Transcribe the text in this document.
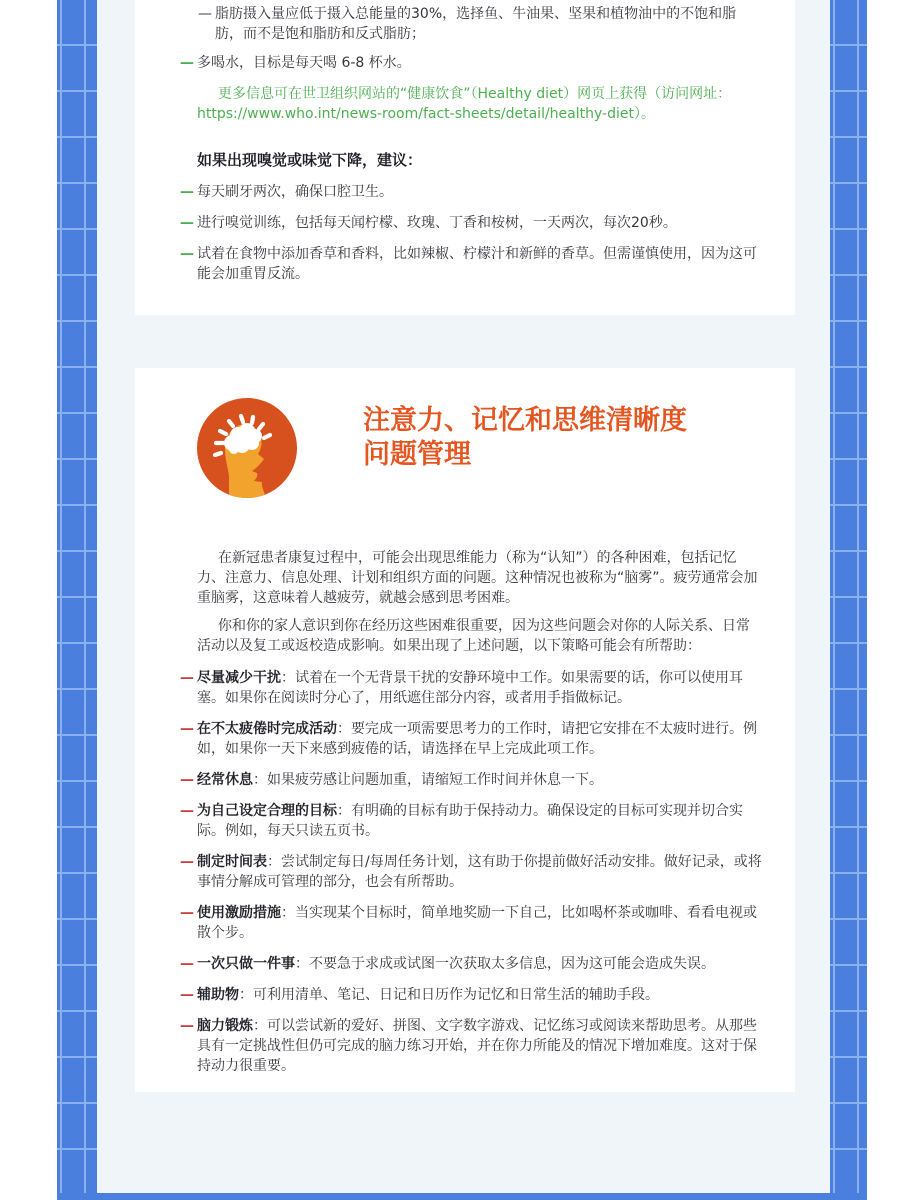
— 脂肪摄入量应低于摄入总能量的30%，选择鱼、牛油果、坚果和植物油中的不饱和脂肪，而不是饱和脂肪和反式脂肪；
— 多喝水，目标是每天喝 6-8 杯水。

更多信息可在世卫组织网站的“健康饮食”（Healthy diet）网页上获得（访问网址：https://www.who.int/news-room/fact-sheets/detail/healthy-diet）。

如果出现嗅觉或味觉下降，建议：
— 每天刷牙两次，确保口腔卫生。
— 进行嗅觉训练，包括每天闻柠檬、玫瑰、丁香和桉树，一天两次，每次20秒。
— 试着在食物中添加香草和香料，比如辣椒、柠檬汁和新鲜的香草。但需谨慎使用，因为这可能会加重胃反流。
注意力、记忆和思维清晰度
问题管理

在新冠患者康复过程中，可能会出现思维能力（称为“认知”）的各种困难，包括记忆力、注意力、信息处理、计划和组织方面的问题。这种情况也被称为“脑雾”。疲劳通常会加重脑雾，这意味着人越疲劳，就越会感到思考困难。

你和你的家人意识到你在经历这些困难很重要，因为这些问题会对你的人际关系、日常活动以及复工或返校造成影响。如果出现了上述问题，以下策略可能会有所帮助：

— 尽量减少干扰：试着在一个无背景干扰的安静环境中工作。如果需要的话，你可以使用耳塞。如果你在阅读时分心了，用纸遮住部分内容，或者用手指做标记。
— 在不太疲倦时完成活动：要完成一项需要思考力的工作时，请把它安排在不太疲时进行。例如，如果你一天下来感到疲倦的话，请选择在早上完成此项工作。
— 经常休息：如果疲劳感让问题加重，请缩短工作时间并休息一下。
— 为自己设定合理的目标：有明确的目标有助于保持动力。确保设定的目标可实现并切合实际。例如，每天只读五页书。
— 制定时间表：尝试制定每日/每周任务计划，这有助于你提前做好活动安排。做好记录，或将事情分解成可管理的部分，也会有所帮助。
— 使用激励措施：当实现某个目标时，简单地奖励一下自己，比如喝杯茶或咖啡、看看电视或散个步。
— 一次只做一件事：不要急于求成或试图一次获取太多信息，因为这可能会造成失误。
— 辅助物：可利用清单、笔记、日记和日历作为记忆和日常生活的辅助手段。
— 脑力锻炼：可以尝试新的爱好、拼图、文字数字游戏、记忆练习或阅读来帮助思考。从那些具有一定挑战性但仍可完成的脑力练习开始，并在你力所能及的情况下增加难度。这对于保持动力很重要。
